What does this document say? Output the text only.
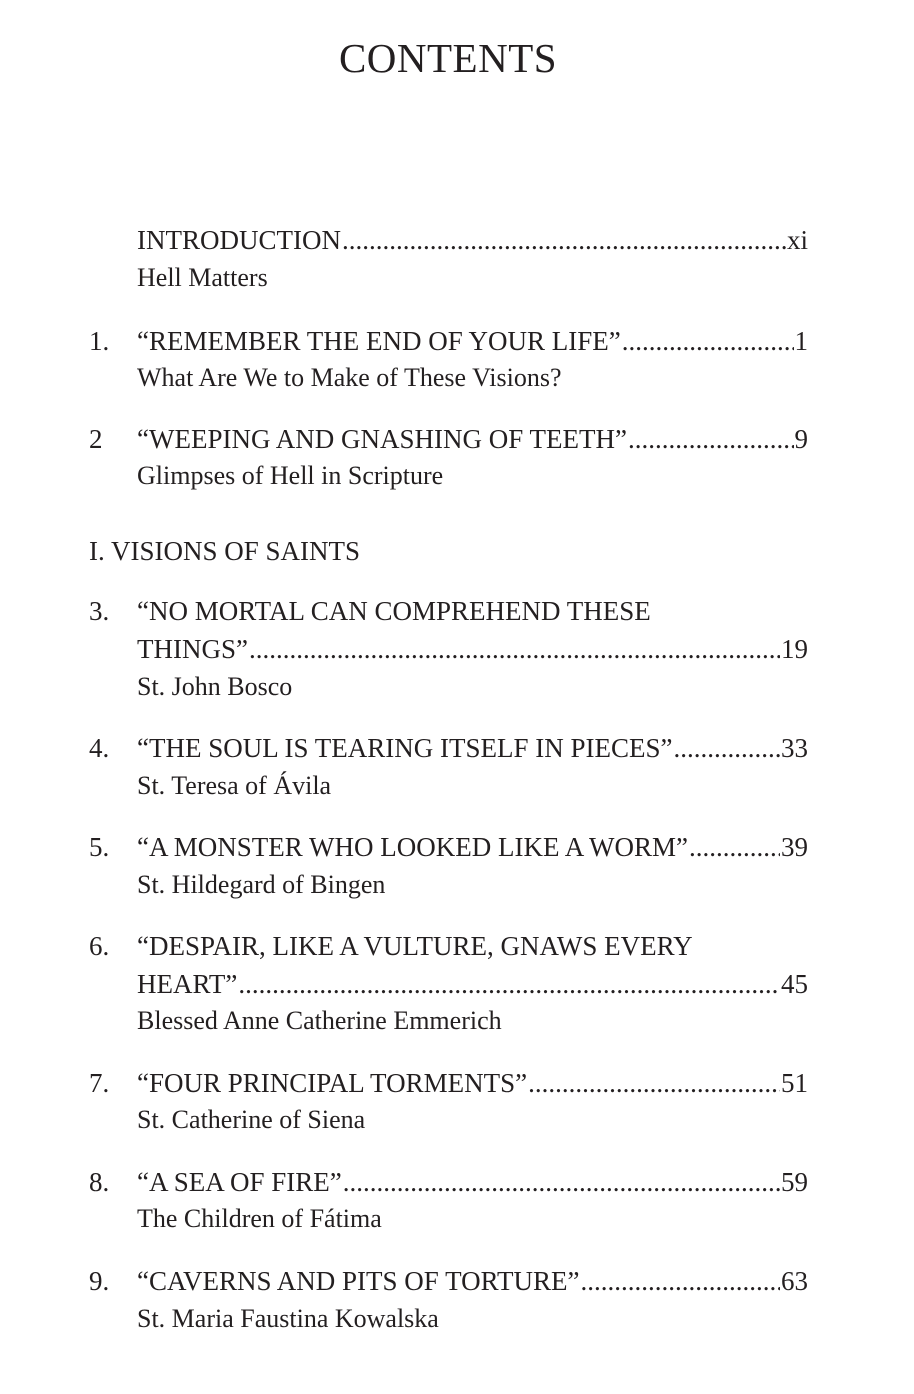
CONTENTS
INTRODUCTION .....	xi
Hell Matters
1. “REMEMBER THE END OF YOUR LIFE” .....	1
What Are We to Make of These Visions?
2 “WEEPING AND GNASHING OF TEETH” .....	9
Glimpses of Hell in Scripture
I. VISIONS OF SAINTS
3. “NO MORTAL CAN COMPREHEND THESE
THINGS” .....	19
St. John Bosco
4. “THE SOUL IS TEARING ITSELF IN PIECES” .....	33
St. Teresa of Ávila
5. “A MONSTER WHO LOOKED LIKE A WORM” .....	39
St. Hildegard of Bingen
6. “DESPAIR, LIKE A VULTURE, GNAWS EVERY
HEART” .....	45
Blessed Anne Catherine Emmerich
7. “FOUR PRINCIPAL TORMENTS” .....	51
St. Catherine of Siena
8. “A SEA OF FIRE” .....	59
The Children of Fátima
9. “CAVERNS AND PITS OF TORTURE” .....	63
St. Maria Faustina Kowalska
